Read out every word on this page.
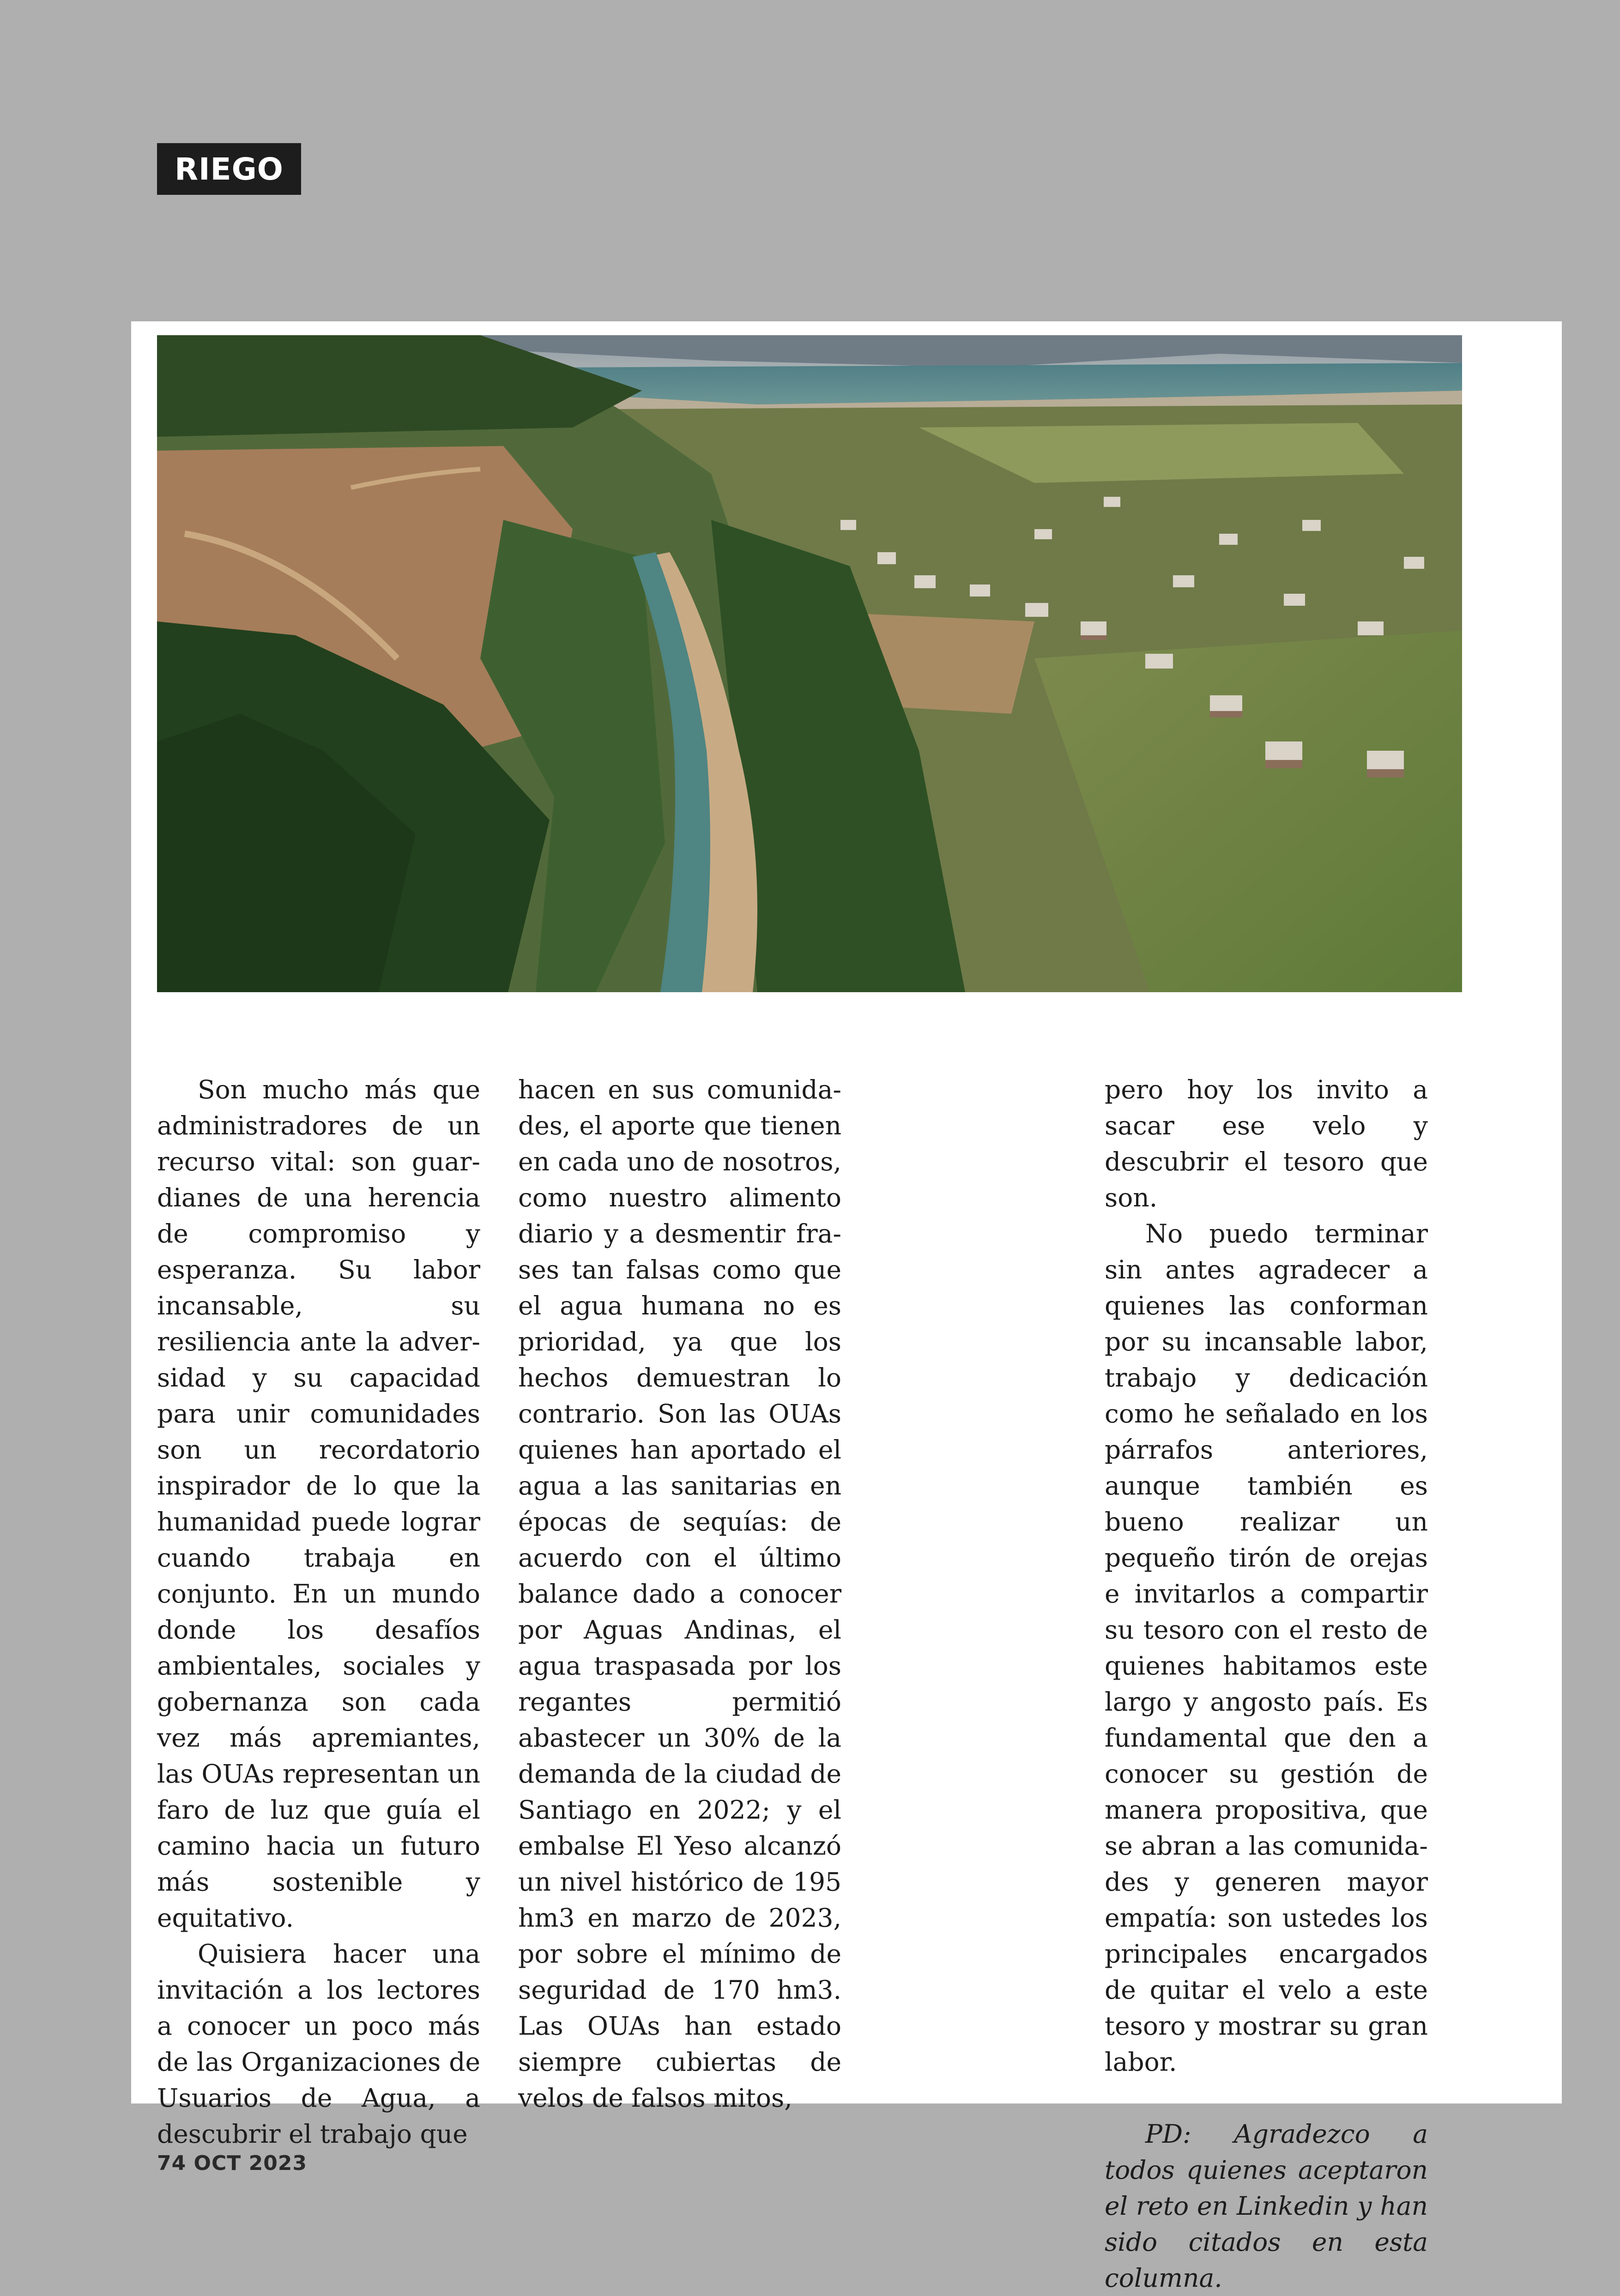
RIEGO

Son mucho más que administradores de un recurso vital: son guardianes de una herencia de compromiso y esperanza. Su labor incansable, su resiliencia ante la adversidad y su capacidad para unir comunidades son un recordatorio inspirador de lo que la humanidad puede lograr cuando trabaja en conjunto. En un mundo donde los desafíos ambientales, sociales y gobernanza son cada vez más apremiantes, las OUAs representan un faro de luz que guía el camino hacia un futuro más sostenible y equitativo.

Quisiera hacer una invitación a los lectores a conocer un poco más de las Organizaciones de Usuarios de Agua, a descubrir el trabajo que

hacen en sus comunidades, el aporte que tienen en cada uno de nosotros, como nuestro alimento diario y a desmentir frases tan falsas como que el agua humana no es prioridad, ya que los hechos demuestran lo contrario. Son las OUAs quienes han aportado el agua a las sanitarias en épocas de sequías: de acuerdo con el último balance dado a conocer por Aguas Andinas, el agua traspasada por los regantes permitió abastecer un 30% de la demanda de la ciudad de Santiago en 2022; y el embalse El Yeso alcanzó un nivel histórico de 195 hm3 en marzo de 2023, por sobre el mínimo de seguridad de 170 hm3. Las OUAs han estado siempre cubiertas de velos de falsos mitos,

pero hoy los invito a sacar ese velo y descubrir el tesoro que son.

No puedo terminar sin antes agradecer a quienes las conforman por su incansable labor, trabajo y dedicación como he señalado en los párrafos anteriores, aunque también es bueno realizar un pequeño tirón de orejas e invitarlos a compartir su tesoro con el resto de quienes habitamos este largo y angosto país. Es fundamental que den a conocer su gestión de manera propositiva, que se abran a las comunidades y generen mayor empatía: son ustedes los principales encargados de quitar el velo a este tesoro y mostrar su gran labor.

PD: Agradezco a todos quienes aceptaron el reto en Linkedin y han sido citados en esta columna.

74 OCT 2023
